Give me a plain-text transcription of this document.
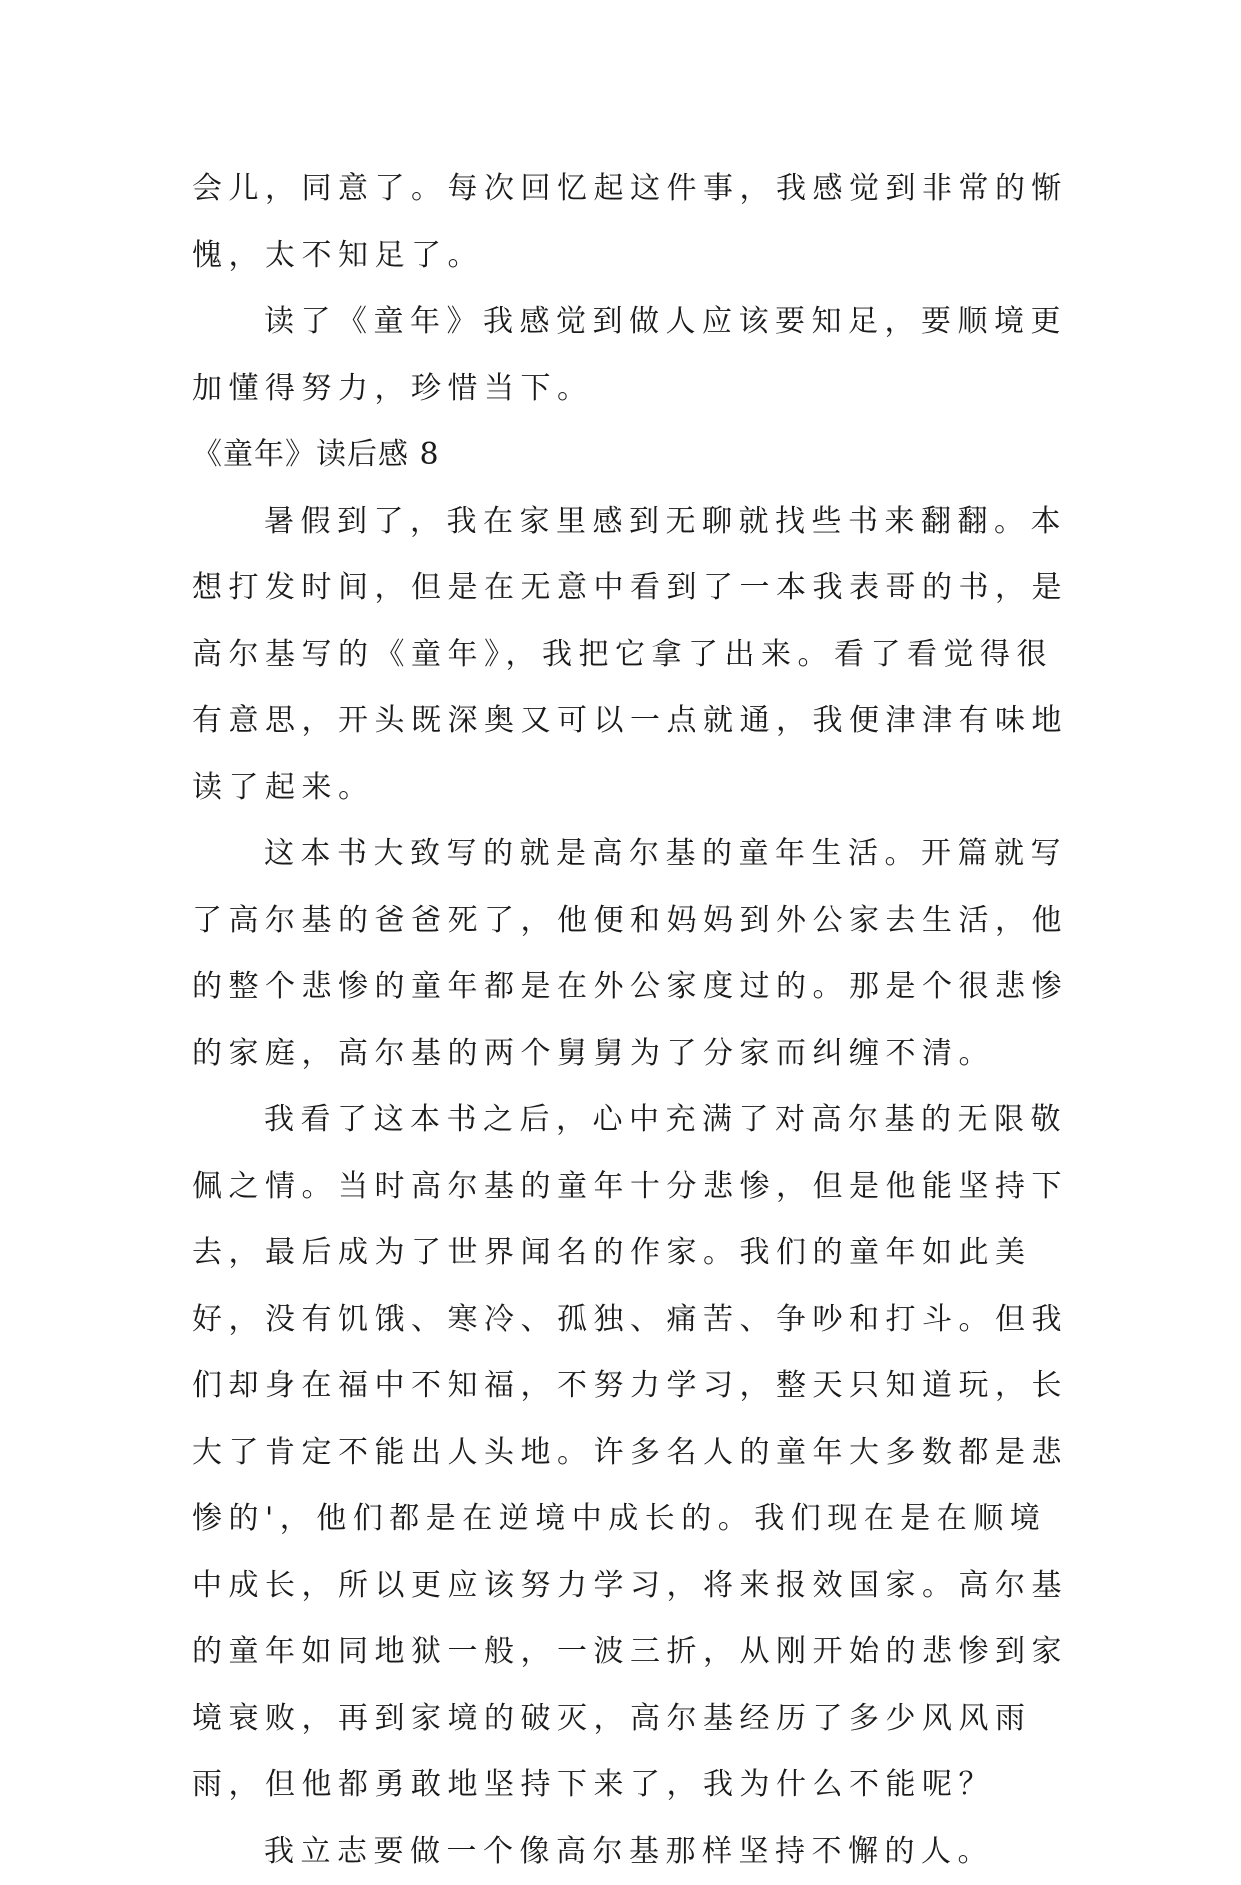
会儿，同意了。每次回忆起这件事，我感觉到非常的惭愧，太不知足了。

读了《童年》我感觉到做人应该要知足，要顺境更加懂得努力，珍惜当下。

《童年》读后感 8

暑假到了，我在家里感到无聊就找些书来翻翻。本想打发时间，但是在无意中看到了一本我表哥的书，是高尔基写的《童年》，我把它拿了出来。看了看觉得很有意思，开头既深奥又可以一点就通，我便津津有味地读了起来。

这本书大致写的就是高尔基的童年生活。开篇就写了高尔基的爸爸死了，他便和妈妈到外公家去生活，他的整个悲惨的童年都是在外公家度过的。那是个很悲惨的家庭，高尔基的两个舅舅为了分家而纠缠不清。

我看了这本书之后，心中充满了对高尔基的无限敬佩之情。当时高尔基的童年十分悲惨，但是他能坚持下去，最后成为了世界闻名的作家。我们的童年如此美好，没有饥饿、寒冷、孤独、痛苦、争吵和打斗。但我们却身在福中不知福，不努力学习，整天只知道玩，长大了肯定不能出人头地。许多名人的童年大多数都是悲惨的'，他们都是在逆境中成长的。我们现在是在顺境中成长，所以更应该努力学习，将来报效国家。高尔基的童年如同地狱一般，一波三折，从刚开始的悲惨到家境衰败，再到家境的破灭，高尔基经历了多少风风雨雨，但他都勇敢地坚持下来了，我为什么不能呢？

我立志要做一个像高尔基那样坚持不懈的人。
